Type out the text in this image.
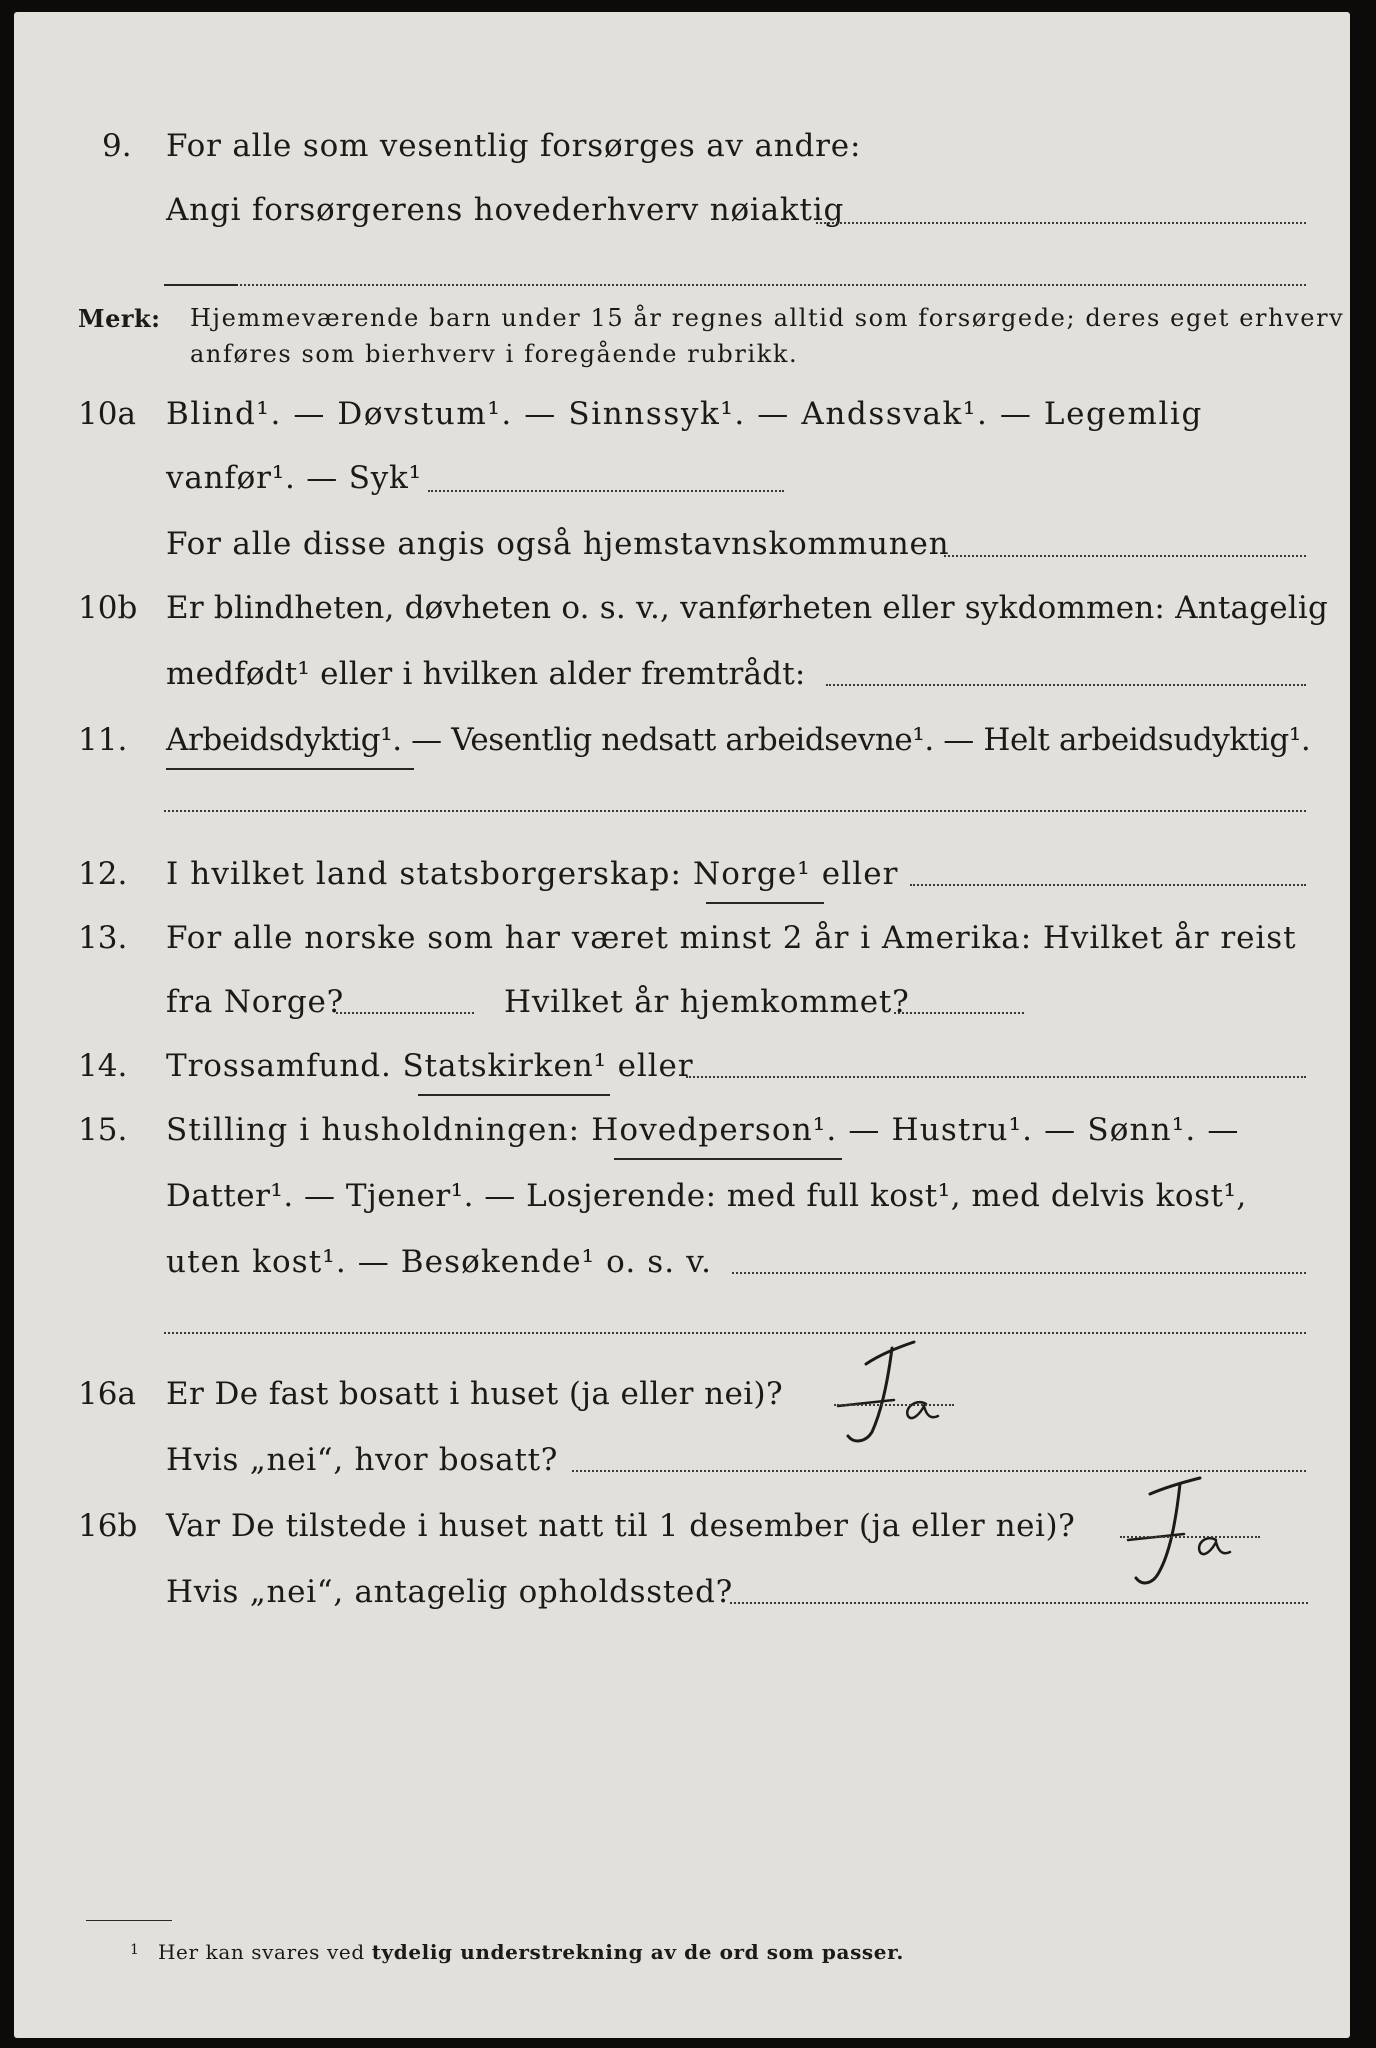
9. For alle som vesentlig forsørges av andre:
Angi forsørgerens hovederhverv nøiaktig
Merk: Hjemmeværende barn under 15 år regnes alltid som forsørgede; deres eget erhverv
anføres som bierhverv i foregående rubrikk.
10a Blind¹. — Døvstum¹. — Sinnssyk¹. — Andssvak¹. — Legemlig
vanfør¹. — Syk¹
For alle disse angis også hjemstavnskommunen
10b Er blindheten, døvheten o. s. v., vanførheten eller sykdommen: Antagelig
medfødt¹ eller i hvilken alder fremtrådt:
11. Arbeidsdyktig¹. — Vesentlig nedsatt arbeidsevne¹. — Helt arbeidsudyktig¹.
12. I hvilket land statsborgerskap: Norge¹ eller
13. For alle norske som har været minst 2 år i Amerika: Hvilket år reist
fra Norge?	Hvilket år hjemkommet?
14. Trossamfund. Statskirken¹ eller
15. Stilling i husholdningen: Hovedperson¹. — Hustru¹. — Sønn¹. —
Datter¹. — Tjener¹. — Losjerende: med full kost¹, med delvis kost¹,
uten kost¹. — Besøkende¹ o. s. v.
16a Er De fast bosatt i huset (ja eller nei)?
Hvis „nei“, hvor bosatt?
16b Var De tilstede i huset natt til 1 desember (ja eller nei)?
Hvis „nei“, antagelig opholdssted?
1 Her kan svares ved tydelig understrekning av de ord som passer.
